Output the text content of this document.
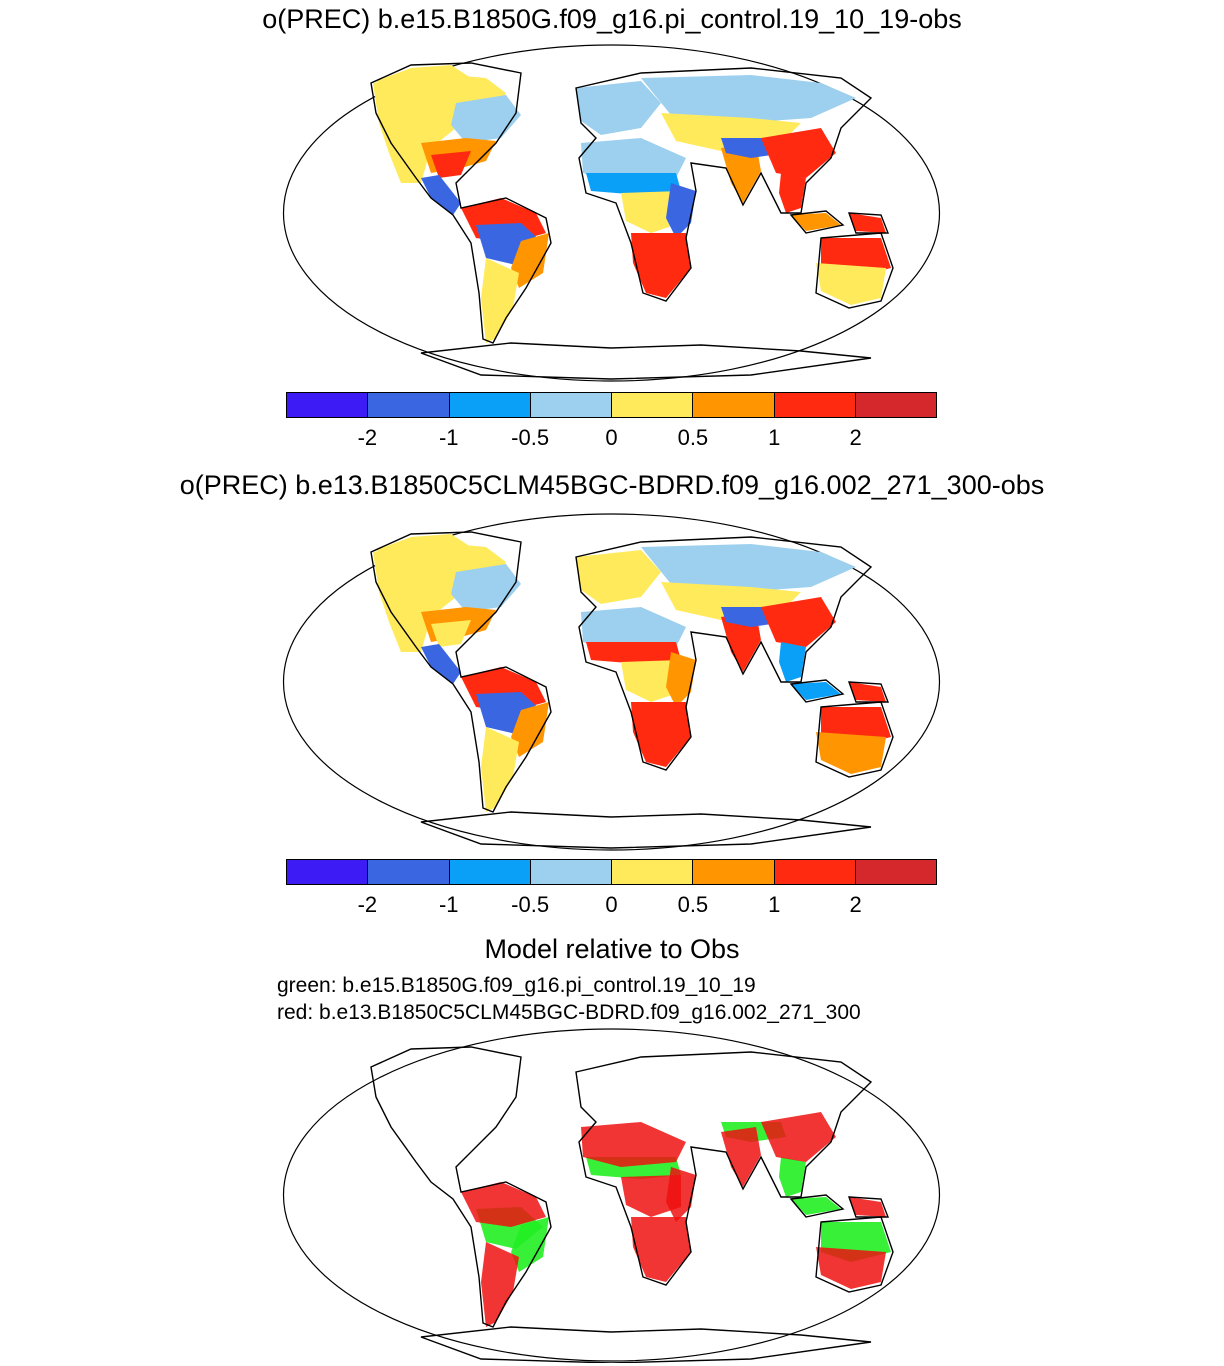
o(PREC) b.e15.B1850G.f09_g16.pi_control.19_10_19-obs
-2	-1 -0.5	0	0.5	1	2
o(PREC) b.e13.B1850C5CLM45BGC-BDRD.f09_g16.002_271_300-obs
-2	-1 -0.5	0	0.5	1	2
Model relative to Obs
green: b.e15.B1850G.f09_g16.pi_control.19_10_19
red: b.e13.B1850C5CLM45BGC-BDRD.f09_g16.002_271_300
